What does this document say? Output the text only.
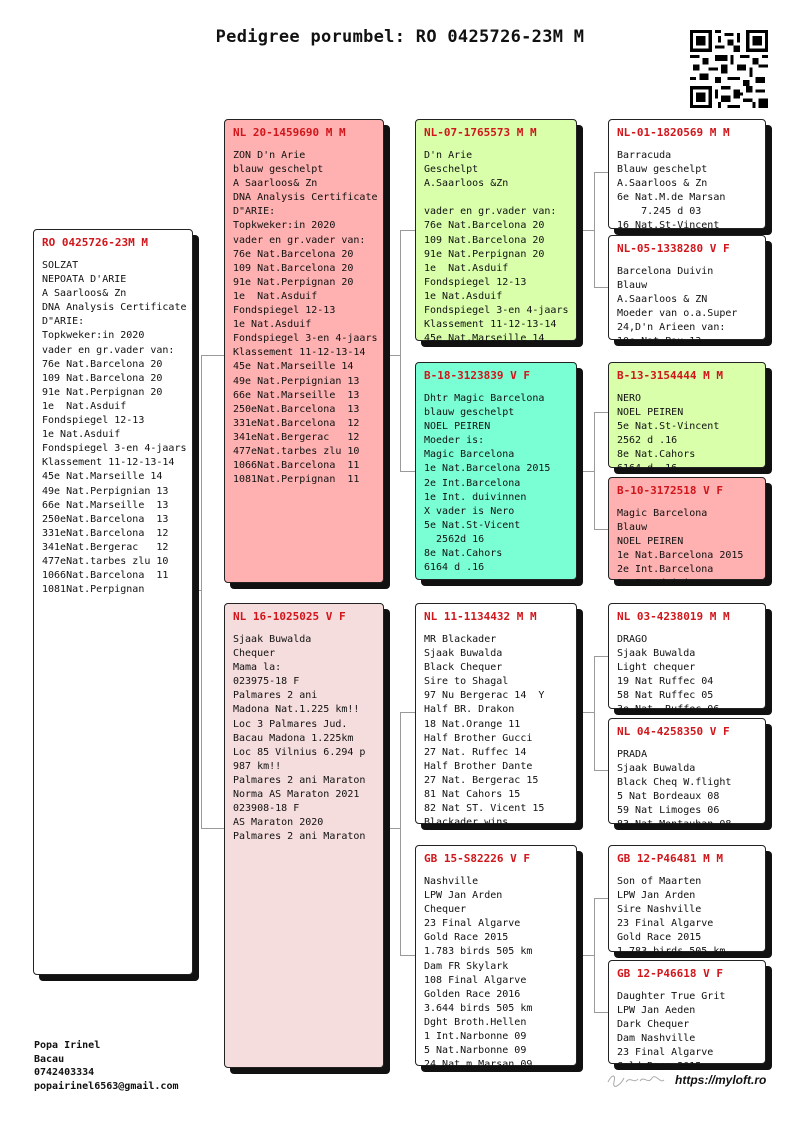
Pedigree porumbel: RO 0425726-23M M
RO 0425726-23M M
SOLZAT
NEPOATA D'ARIE
A Saarloos& Zn
DNA Analysis Certificate
D"ARIE:
Topkweker:in 2020
vader en gr.vader van:
76e Nat.Barcelona 20
109 Nat.Barcelona 20
91e Nat.Perpignan 20
1e  Nat.Asduif
Fondspiegel 12-13
1e Nat.Asduif
Fondspiegel 3-en 4-jaars
Klassement 11-12-13-14
45e Nat.Marseille 14
49e Nat.Perpignian 13
66e Nat.Marseille  13
250eNat.Barcelona  13
331eNat.Barcelona  12
341eNat.Bergerac   12
477eNat.tarbes zlu 10
1066Nat.Barcelona  11
1081Nat.Perpignan
NL 20-1459690 M M
ZON D'n Arie
blauw geschelpt
A Saarloos& Zn
DNA Analysis Certificate
D"ARIE:
Topkweker:in 2020
vader en gr.vader van:
76e Nat.Barcelona 20
109 Nat.Barcelona 20
91e Nat.Perpignan 20
1e  Nat.Asduif
Fondspiegel 12-13
1e Nat.Asduif
Fondspiegel 3-en 4-jaars
Klassement 11-12-13-14
45e Nat.Marseille 14
49e Nat.Perpignian 13
66e Nat.Marseille  13
250eNat.Barcelona  13
331eNat.Barcelona  12
341eNat.Bergerac   12
477eNat.tarbes zlu 10
1066Nat.Barcelona  11
1081Nat.Perpignan  11
NL 16-1025025 V F
Sjaak Buwalda
Chequer
Mama la:
023975-18 F
Palmares 2 ani
Madona Nat.1.225 km!!
Loc 3 Palmares Jud.
Bacau Madona 1.225km
Loc 85 Vilnius 6.294 p
987 km!!
Palmares 2 ani Maraton
Norma AS Maraton 2021
023908-18 F
AS Maraton 2020
Palmares 2 ani Maraton
NL-07-1765573 M M
D'n Arie
Geschelpt
A.Saarloos &Zn

vader en gr.vader van:
76e Nat.Barcelona 20
109 Nat.Barcelona 20
91e Nat.Perpignan 20
1e  Nat.Asduif
Fondspiegel 12-13
1e Nat.Asduif
Fondspiegel 3-en 4-jaars
Klassement 11-12-13-14
45e Nat.Marseille 14
B-18-3123839 V F
Dhtr Magic Barcelona
blauw geschelpt
NOEL PEIREN
Moeder is:
Magic Barcelona
1e Nat.Barcelona 2015
2e Int.Barcelona
1e Int. duivinnen
X vader is Nero
5e Nat.St-Vicent
2562d 16
8e Nat.Cahors
6164 d .16
NL 11-1134432 M M
MR Blackader
Sjaak Buwalda
Black Chequer
Sire to Shagal
97 Nu Bergerac 14  Y
Half BR. Drakon
18 Nat.Orange 11
Half Brother Gucci
27 Nat. Ruffec 14
Half Brother Dante
27 Nat. Bergerac 15
81 Nat Cahors 15
82 Nat ST. Vicent 15
Blackader wins
GB 15-S82226 V F
Nashville
LPW Jan Arden
Chequer
23 Final Algarve
Gold Race 2015
1.783 birds 505 km
Dam FR Skylark
108 Final Algarve
Golden Race 2016
3.644 birds 505 km
Dght Broth.Hellen
1 Int.Narbonne 09
5 Nat.Narbonne 09
24 Nat.m Marsan 09
NL-01-1820569 M M
Barracuda
Blauw geschelpt
A.Saarloos & Zn
6e Nat.M.de Marsan
7.245 d 03
16 Nat.St-Vincent
NL-05-1338280 V F
Barcelona Duivin
Blauw
A.Saarloos & ZN
Moeder van o.a.Super
24,D'n Arieen van:
10e Nat.Pau 13
B-13-3154444 M M
NERO
NOEL PEIREN
5e Nat.St-Vincent
2562 d .16
8e Nat.Cahors
6164 d .16
B-10-3172518 V F
Magic Barcelona
Blauw
NOEL PEIREN
1e Nat.Barcelona 2015
2e Int.Barcelona
1e Int.duivinnen
NL 03-4238019 M M
DRAGO
Sjaak Buwalda
Light chequer
19 Nat Ruffec 04
58 Nat Ruffec 05
3e Nat. Ruffec 06
NL 04-4258350 V F
PRADA
Sjaak Buwalda
Black Cheq W.flight
5 Nat Bordeaux 08
59 Nat Limoges 06
83 Nat.Montauban 08
GB 12-P46481 M M
Son of Maarten
LPW Jan Arden
Sire Nashville
23 Final Algarve
Gold Race 2015
1.783 birds 505 km
GB 12-P46618 V F
Daughter True Grit
LPW Jan Aeden
Dark Chequer
Dam Nashville
23 Final Algarve
Gold Race 2015
Popa Irinel
Bacau
0742403334
popairinel6563@gmail.com	https://myloft.ro
